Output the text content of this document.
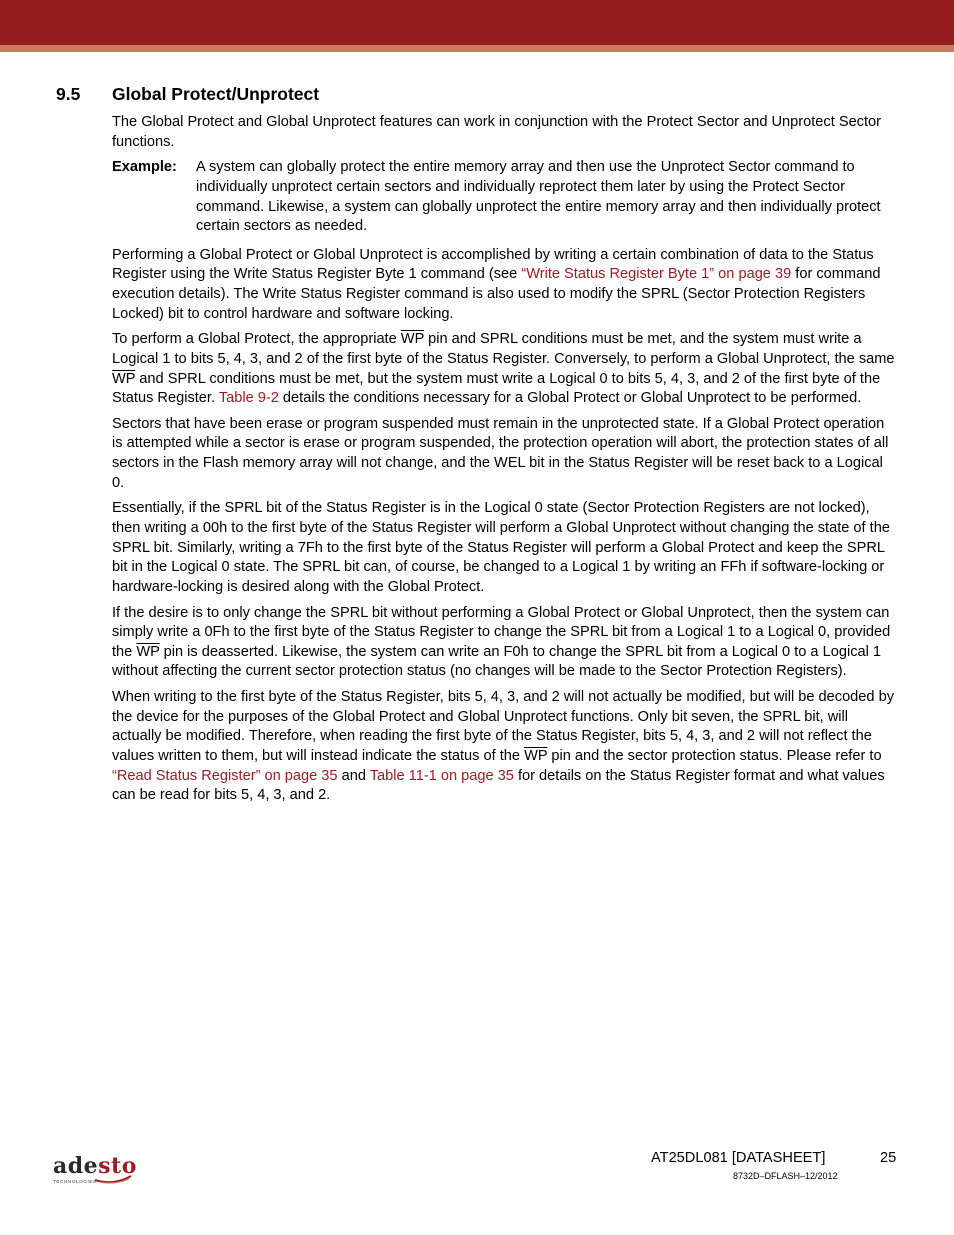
9.5 Global Protect/Unprotect

The Global Protect and Global Unprotect features can work in conjunction with the Protect Sector and Unprotect Sector functions.

Example:	A system can globally protect the entire memory array and then use the Unprotect Sector command to individually unprotect certain sectors and individually reprotect them later by using the Protect Sector command. Likewise, a system can globally unprotect the entire memory array and then individually protect certain sectors as needed.

Performing a Global Protect or Global Unprotect is accomplished by writing a certain combination of data to the Status Register using the Write Status Register Byte 1 command (see “Write Status Register Byte 1” on page 39 for command execution details). The Write Status Register command is also used to modify the SPRL (Sector Protection Registers Locked) bit to control hardware and software locking.

To perform a Global Protect, the appropriate $\overline{WP}$ pin and SPRL conditions must be met, and the system must write a Logical 1 to bits 5, 4, 3, and 2 of the first byte of the Status Register. Conversely, to perform a Global Unprotect, the same $\overline{WP}$ and SPRL conditions must be met, but the system must write a Logical 0 to bits 5, 4, 3, and 2 of the first byte of the Status Register. Table 9-2 details the conditions necessary for a Global Protect or Global Unprotect to be performed.

Sectors that have been erase or program suspended must remain in the unprotected state. If a Global Protect operation is attempted while a sector is erase or program suspended, the protection operation will abort, the protection states of all sectors in the Flash memory array will not change, and the WEL bit in the Status Register will be reset back to a Logical 0.

Essentially, if the SPRL bit of the Status Register is in the Logical 0 state (Sector Protection Registers are not locked), then writing a 00h to the first byte of the Status Register will perform a Global Unprotect without changing the state of the SPRL bit. Similarly, writing a 7Fh to the first byte of the Status Register will perform a Global Protect and keep the SPRL bit in the Logical 0 state. The SPRL bit can, of course, be changed to a Logical 1 by writing an FFh if software-locking or hardware-locking is desired along with the Global Protect.

If the desire is to only change the SPRL bit without performing a Global Protect or Global Unprotect, then the system can simply write a 0Fh to the first byte of the Status Register to change the SPRL bit from a Logical 1 to a Logical 0, provided the $\overline{WP}$ pin is deasserted. Likewise, the system can write an F0h to change the SPRL bit from a Logical 0 to a Logical 1 without affecting the current sector protection status (no changes will be made to the Sector Protection Registers).

When writing to the first byte of the Status Register, bits 5, 4, 3, and 2 will not actually be modified, but will be decoded by the device for the purposes of the Global Protect and Global Unprotect functions. Only bit seven, the SPRL bit, will actually be modified. Therefore, when reading the first byte of the Status Register, bits 5, 4, 3, and 2 will not reflect the values written to them, but will instead indicate the status of the $\overline{WP}$ pin and the sector protection status. Please refer to “Read Status Register” on page 35 and Table 11-1 on page 35 for details on the Status Register format and what values can be read for bits 5, 4, 3, and 2.

adesto
TECHNOLOGIES
AT25DL081 [DATASHEET]	25
8732D–DFLASH–12/2012
